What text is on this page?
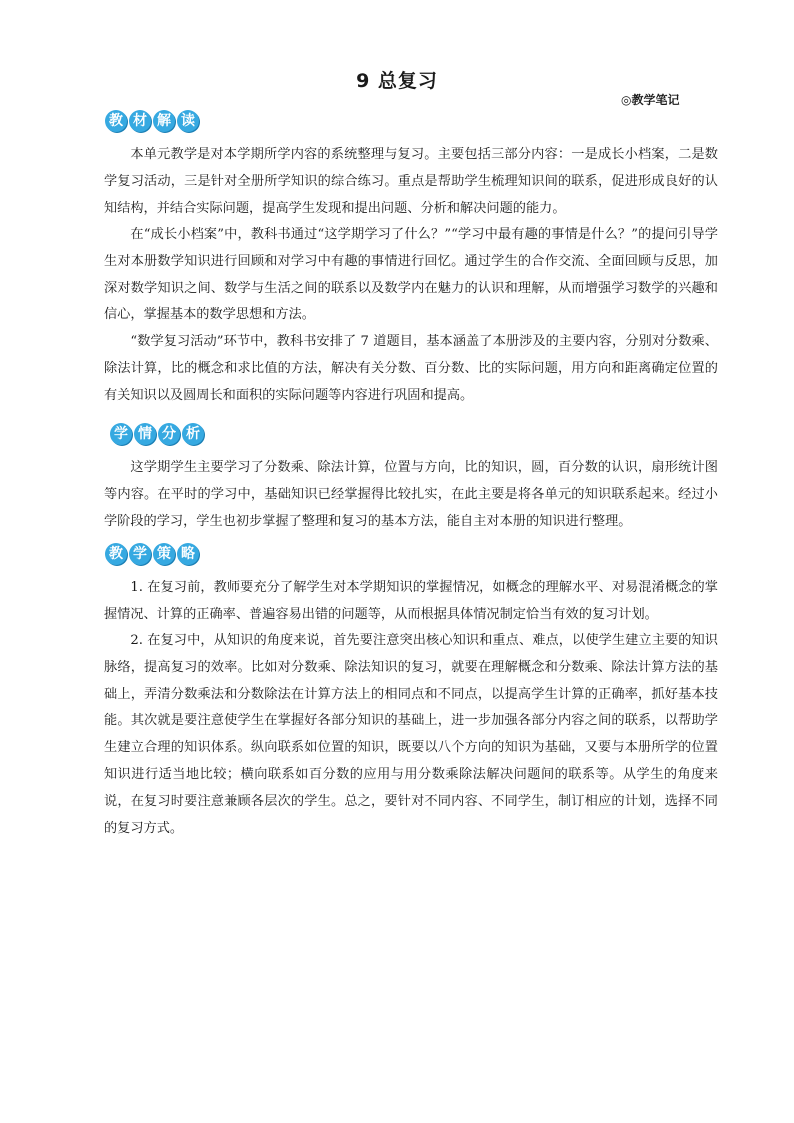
9 总复习
◎教学笔记
教 材 解 读

本单元教学是对本学期所学内容的系统整理与复习。主要包括三部分内容：一是成长小档案，二是数学复习活动，三是针对全册所学知识的综合练习。重点是帮助学生梳理知识间的联系，促进形成良好的认知结构，并结合实际问题，提高学生发现和提出问题、分析和解决问题的能力。

在“成长小档案”中，教科书通过“这学期学习了什么？”“学习中最有趣的事情是什么？”的提问引导学生对本册数学知识进行回顾和对学习中有趣的事情进行回忆。通过学生的合作交流、全面回顾与反思，加深对数学知识之间、数学与生活之间的联系以及数学内在魅力的认识和理解，从而增强学习数学的兴趣和信心，掌握基本的数学思想和方法。

“数学复习活动”环节中，教科书安排了 7 道题目，基本涵盖了本册涉及的主要内容，分别对分数乘、除法计算，比的概念和求比值的方法，解决有关分数、百分数、比的实际问题，用方向和距离确定位置的有关知识以及圆周长和面积的实际问题等内容进行巩固和提高。

学 情 分 析

这学期学生主要学习了分数乘、除法计算，位置与方向，比的知识，圆，百分数的认识，扇形统计图等内容。在平时的学习中，基础知识已经掌握得比较扎实，在此主要是将各单元的知识联系起来。经过小学阶段的学习，学生也初步掌握了整理和复习的基本方法，能自主对本册的知识进行整理。

教 学 策 略

1. 在复习前，教师要充分了解学生对本学期知识的掌握情况，如概念的理解水平、对易混淆概念的掌握情况、计算的正确率、普遍容易出错的问题等，从而根据具体情况制定恰当有效的复习计划。

2. 在复习中，从知识的角度来说，首先要注意突出核心知识和重点、难点，以使学生建立主要的知识脉络，提高复习的效率。比如对分数乘、除法知识的复习，就要在理解概念和分数乘、除法计算方法的基础上，弄清分数乘法和分数除法在计算方法上的相同点和不同点，以提高学生计算的正确率，抓好基本技能。其次就是要注意使学生在掌握好各部分知识的基础上，进一步加强各部分内容之间的联系，以帮助学生建立合理的知识体系。纵向联系如位置的知识，既要以八个方向的知识为基础，又要与本册所学的位置知识进行适当地比较；横向联系如百分数的应用与用分数乘除法解决问题间的联系等。从学生的角度来说，在复习时要注意兼顾各层次的学生。总之，要针对不同内容、不同学生，制订相应的计划，选择不同的复习方式。
